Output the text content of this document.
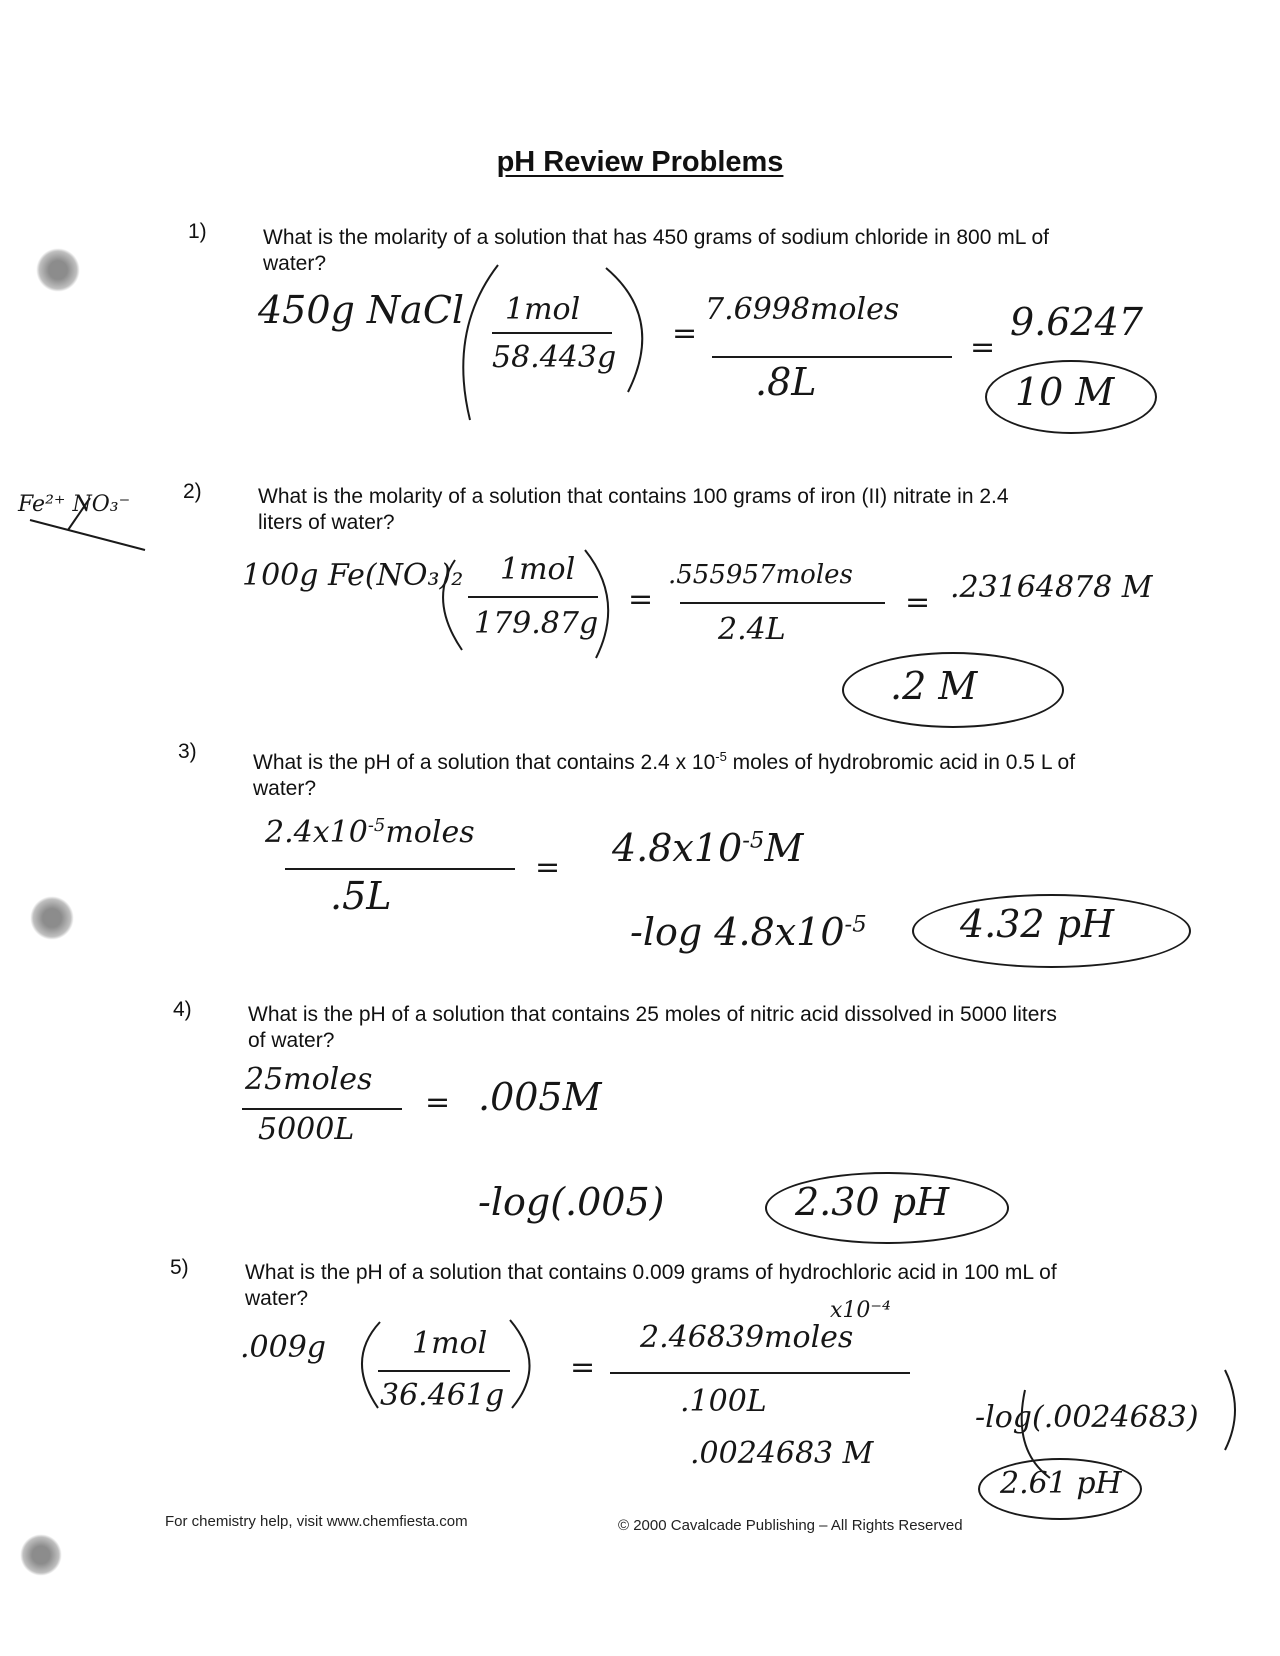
pH Review Problems
1)	What is the molarity of a solution that has 450 grams of sodium chloride in 800 mL of water?
450g NaCl 1mol
58.443g
=
7.6998moles
.8L
=
9.6247
10 M
Fe²⁺ NO₃⁻
2)	What is the molarity of a solution that contains 100 grams of iron (II) nitrate in 2.4 liters of water?
100g Fe(NO₃)₂ 1mol
179.87g
=
.555957moles
2.4L
= .23164878 M
.2 M
3)	What is the pH of a solution that contains 2.4 x $10^{-5}$ moles of hydrobromic acid in 0.5 L of water?
$2.4x10^{-5}moles$
.5L
= $4.8x10^{-5}M$
-log $4.8x10^{-5}$ 4.32 pH
4)	What is the pH of a solution that contains 25 moles of nitric acid dissolved in 5000 liters of water?
25moles
5000L
= .005M
-log(.005)	2.30 pH
5)	What is the pH of a solution that contains 0.009 grams of hydrochloric acid in 100 mL of water?
.009g	1mol
36.461g
=
x10⁻⁴
2.46839moles
.100L
.0024683 M
-log(.0024683)
2.61 pH
For chemistry help, visit www.chemfiesta.com	© 2000 Cavalcade Publishing – All Rights Reserved
